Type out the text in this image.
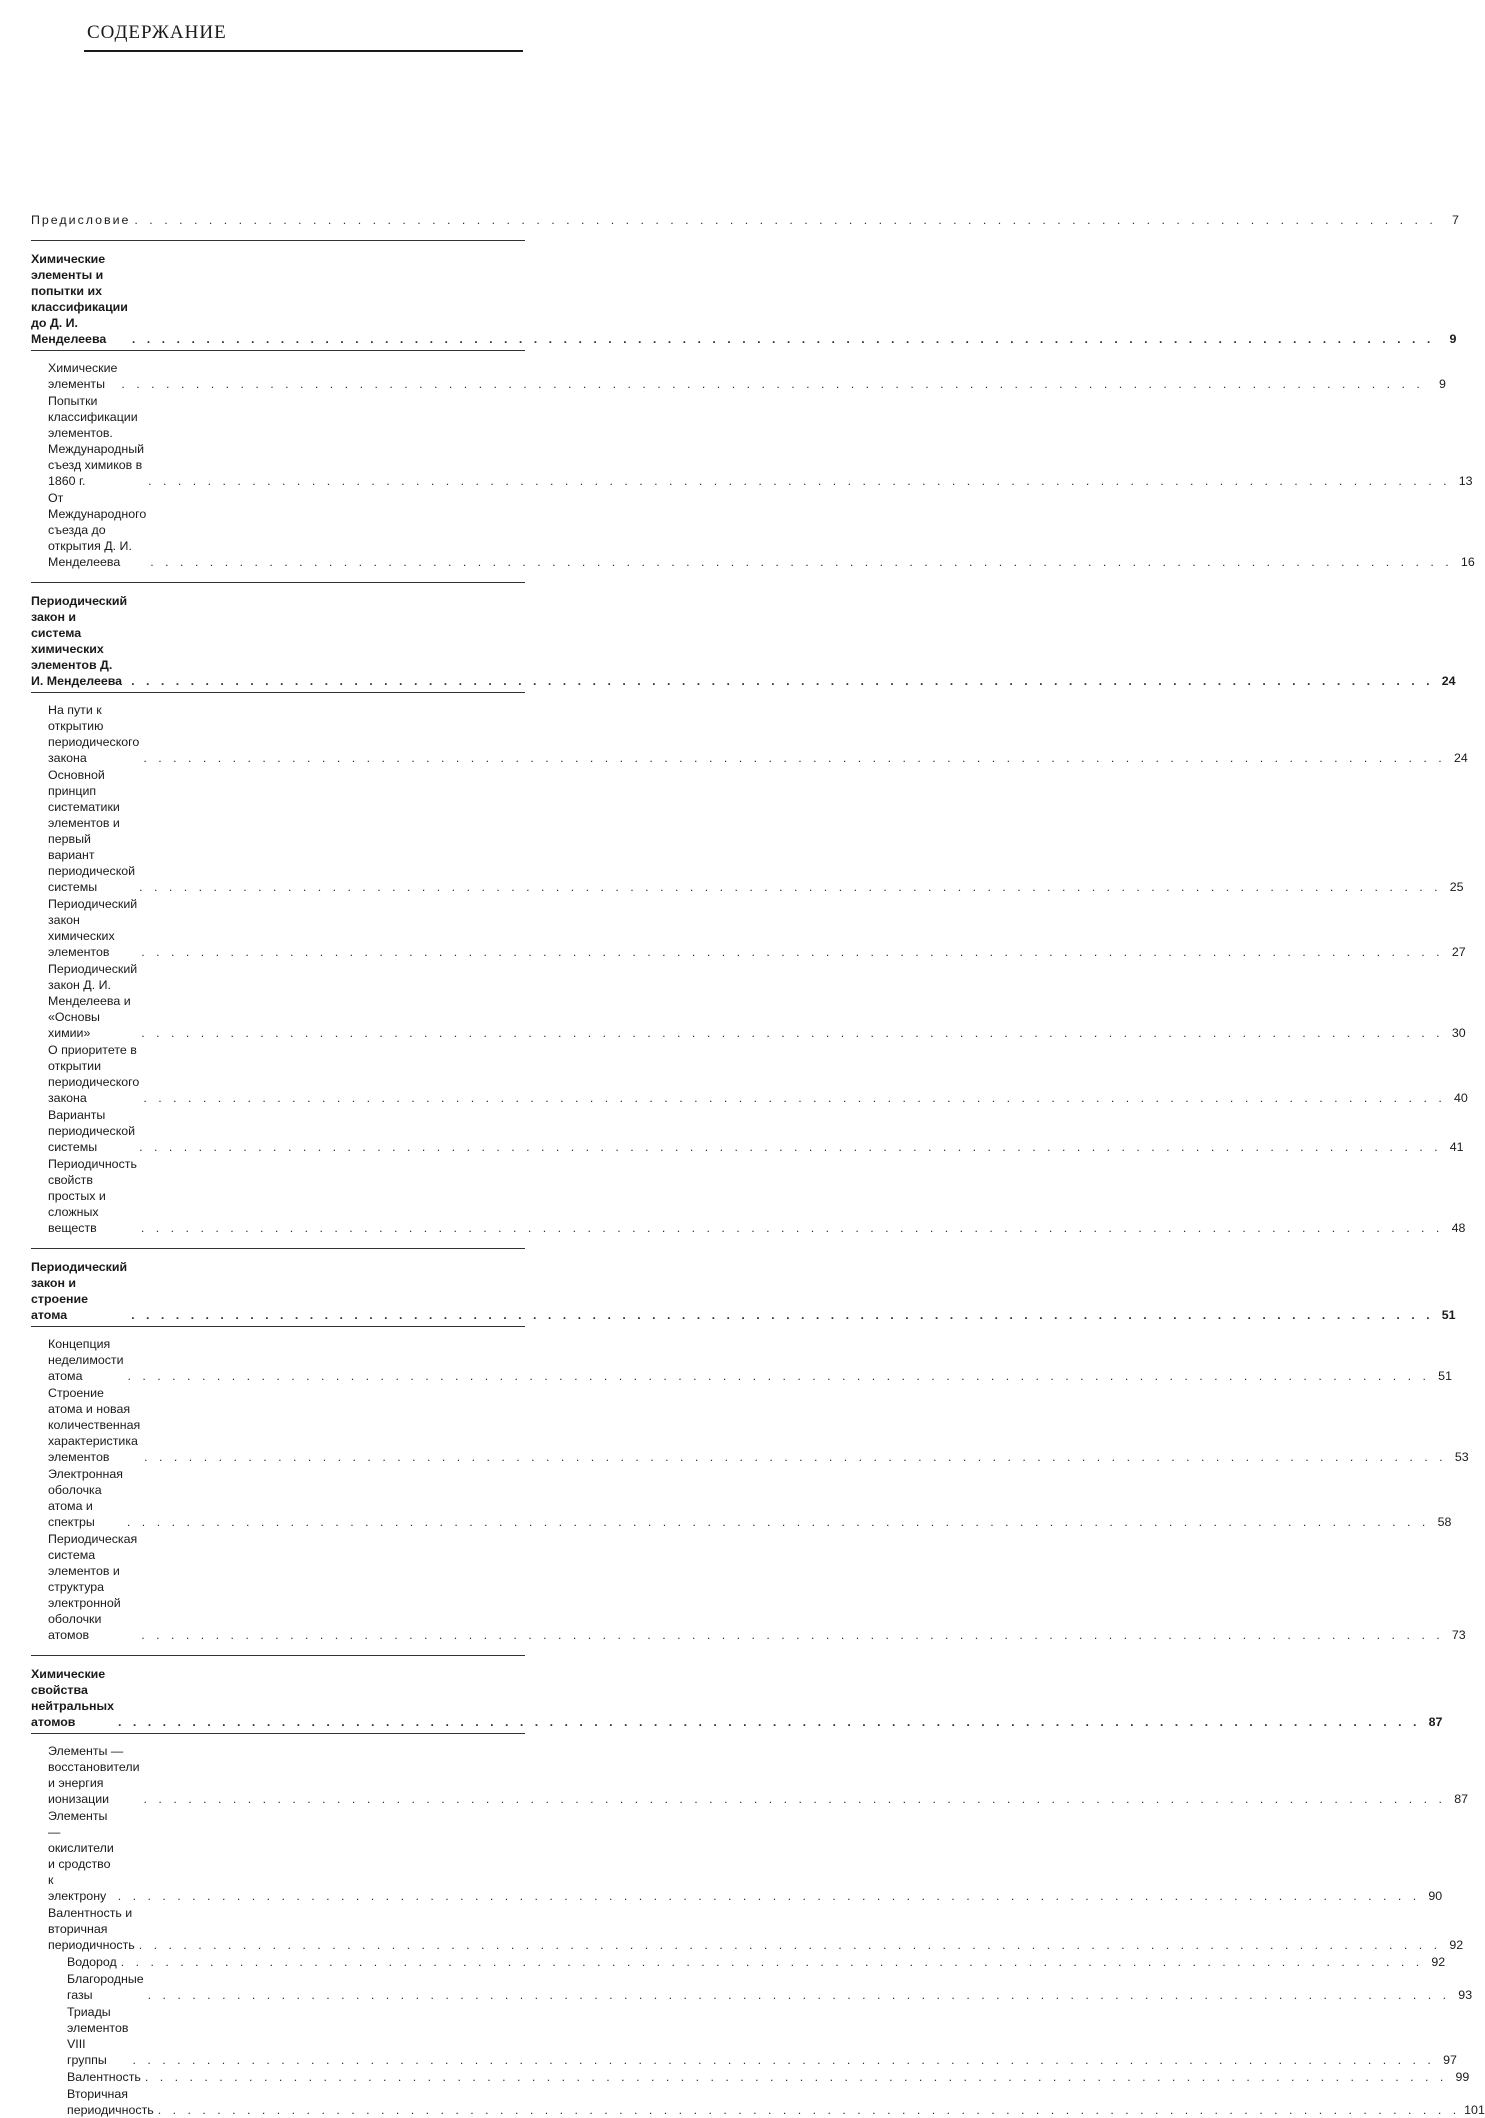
СОДЕРЖАНИЕ
Предисловие . . .	7
Химические элементы и попытки их классификации до Д. И. Менделеева . . .	9
Химические элементы . . .	9
Попытки классификации элементов. Международный съезд химиков в 1860 г. . . .	13
От Международного съезда до открытия Д. И. Менделеева . . .	16
Периодический закон и система химических элементов Д. И. Менделеева . . .	24
На пути к открытию периодического закона . . .	24
Основной принцип систематики элементов и первый вариант периодической системы . . .	25
Периодический закон химических элементов . . .	27
Периодический закон Д. И. Менделеева и «Основы химии» . . .	30
О приоритете в открытии периодического закона . . .	40
Варианты периодической системы . . .	41
Периодичность свойств простых и сложных веществ . . .	48
Периодический закон и строение атома . . .	51
Концепция неделимости атома . . .	51
Строение атома и новая количественная характеристика элементов . . .	53
Электронная оболочка атома и спектры . . .	58
Периодическая система элементов и структура электронной оболочки атомов . . .	73
Химические свойства нейтральных атомов . . .	87
Элементы — восстановители и энергия ионизации . . .	87
Элементы — окислители и сродство к электрону . . .	90
Валентность и вторичная периодичность . . .	92
Водород . . .	92
Благородные газы . . .	93
Триады элементов VIII группы . . .	97
Валентность . . .	99
Вторичная периодичность . . .	101
